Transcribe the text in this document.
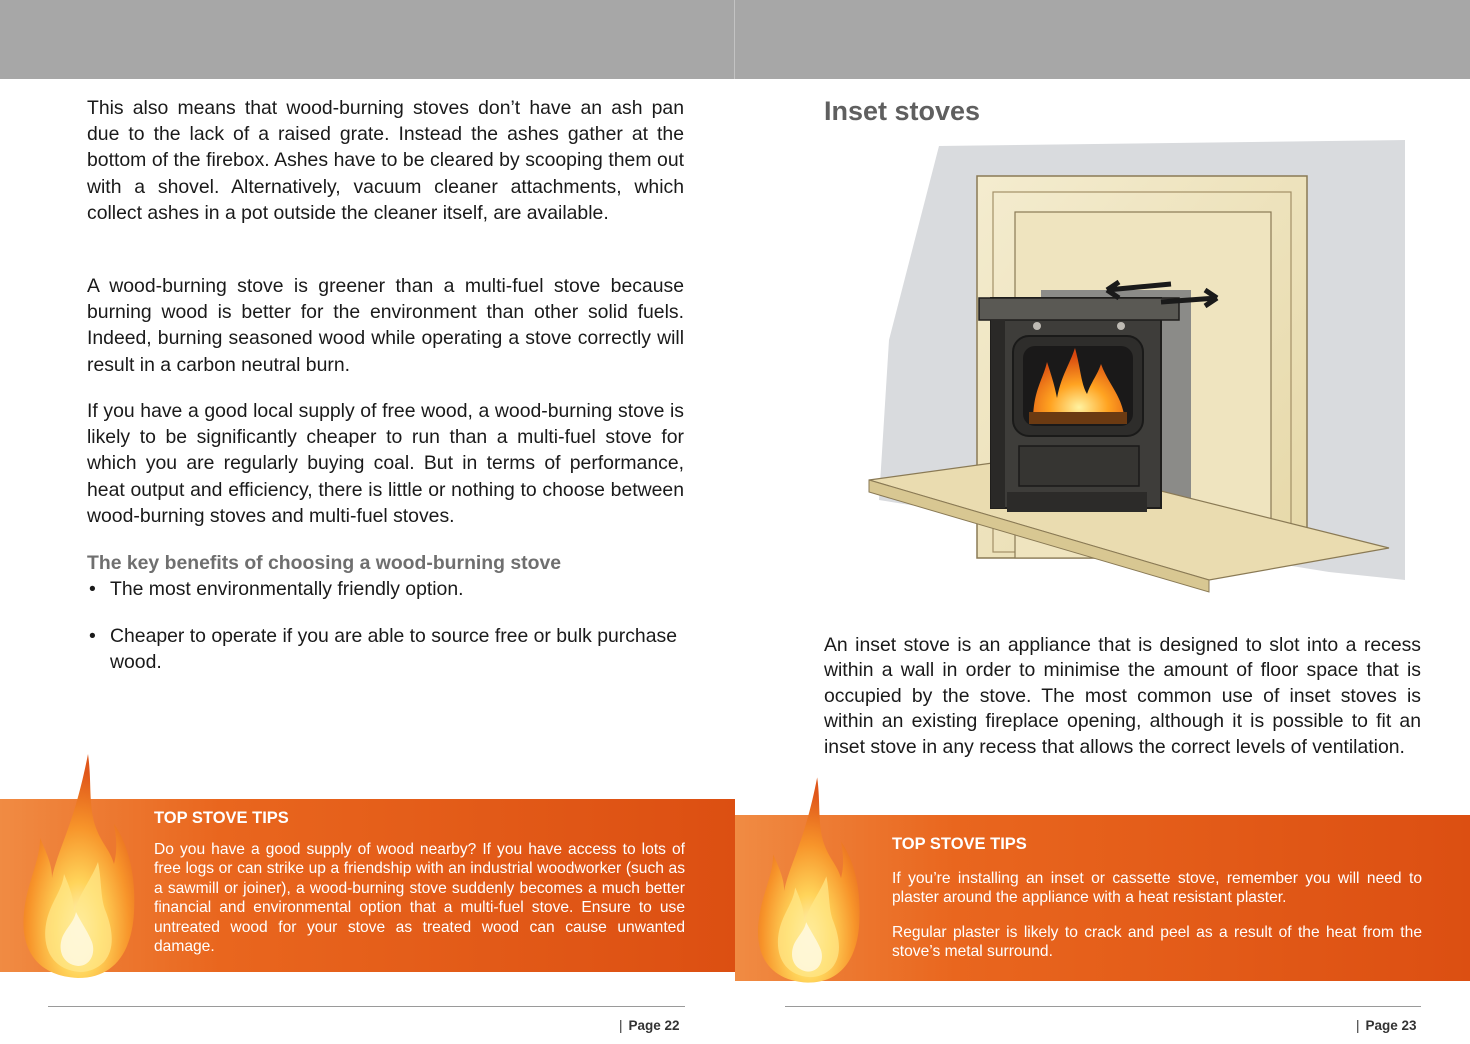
This also means that wood-burning stoves don’t have an ash pan due to the lack of a raised grate. Instead the ashes gather at the bottom of the firebox. Ashes have to be cleared by scooping them out with a shovel. Alternatively, vacuum cleaner attachments, which collect ashes in a pot outside the cleaner itself, are available.

A wood-burning stove is greener than a multi-fuel stove because burning wood is better for the environment than other solid fuels. Indeed, burning seasoned wood while operating a stove correctly will result in a carbon neutral burn.

If you have a good local supply of free wood, a wood-burning stove is likely to be significantly cheaper to run than a multi-fuel stove for which you are regularly buying coal. But in terms of performance, heat output and efficiency, there is little or nothing to choose between wood-burning stoves and multi-fuel stoves.

The key benefits of choosing a wood-burning stove

• The most environmentally friendly option.
• Cheaper to operate if you are able to source free or bulk purchase wood.

TOP STOVE TIPS

Do you have a good supply of wood nearby? If you have access to lots of free logs or can strike up a friendship with an industrial woodworker (such as a sawmill or joiner), a wood-burning stove suddenly becomes a much better financial and environmental option that a multi-fuel stove. Ensure to use untreated wood for your stove as treated wood can cause unwanted damage.

| Page 22
Inset stoves

An inset stove is an appliance that is designed to slot into a recess within a wall in order to minimise the amount of floor space that is occupied by the stove. The most common use of inset stoves is within an existing fireplace opening, although it is possible to fit an inset stove in any recess that allows the correct levels of ventilation.

TOP STOVE TIPS

If you’re installing an inset or cassette stove, remember you will need to plaster around the appliance with a heat resistant plaster.

Regular plaster is likely to crack and peel as a result of the heat from the stove’s metal surround.

| Page 23
